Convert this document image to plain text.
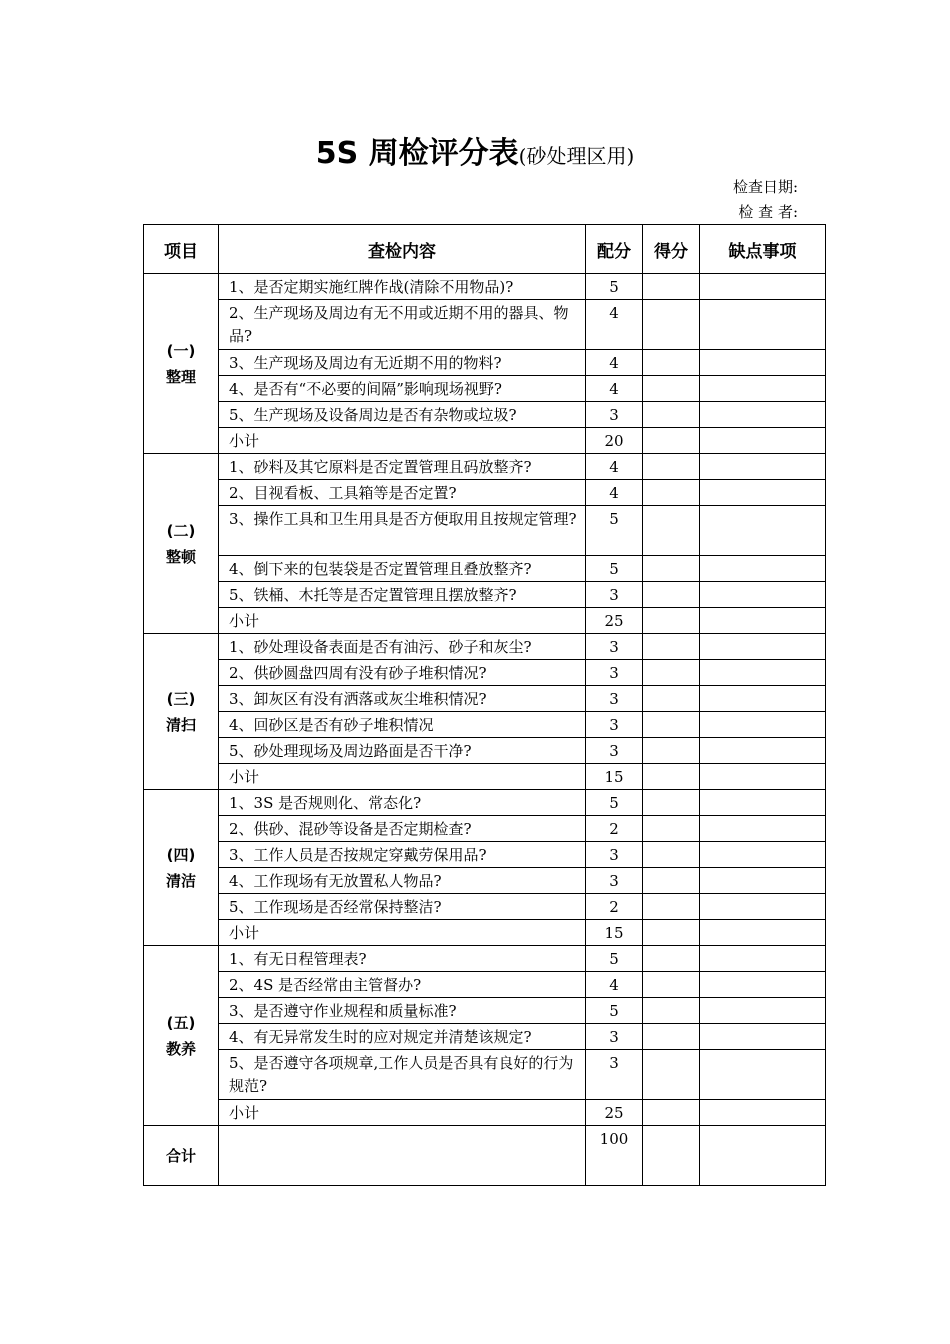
5S 周检评分表(砂处理区用)
检查日期:
检 查 者:
项目	查检内容	配分	得分	缺点事项

(一)
整理	1、是否定期实施红牌作战(清除不用物品)?	5		
	2、生产现场及周边有无不用或近期不用的器具、物品?	4		
	3、生产现场及周边有无近期不用的物料?	4		
	4、是否有“不必要的间隔”影响现场视野?	4		
	5、生产现场及设备周边是否有杂物或垃圾?	3		
	小计	20		

(二)
整顿	1、砂料及其它原料是否定置管理且码放整齐?	4		
	2、目视看板、工具箱等是否定置?	4		
	3、操作工具和卫生用具是否方便取用且按规定管理?	5		
	4、倒下来的包装袋是否定置管理且叠放整齐?	5		
	5、铁桶、木托等是否定置管理且摆放整齐?	3		
	小计	25		

(三)
清扫	1、砂处理设备表面是否有油污、砂子和灰尘?	3		
	2、供砂圆盘四周有没有砂子堆积情况?	3		
	3、卸灰区有没有洒落或灰尘堆积情况?	3		
	4、回砂区是否有砂子堆积情况	3		
	5、砂处理现场及周边路面是否干净?	3		
	小计	15		

(四)
清洁	1、3S 是否规则化、常态化?	5		
	2、供砂、混砂等设备是否定期检查?	2		
	3、工作人员是否按规定穿戴劳保用品?	3		
	4、工作现场有无放置私人物品?	3		
	5、工作现场是否经常保持整洁?	2		
	小计	15		

(五)
教养	1、有无日程管理表?	5		
	2、4S 是否经常由主管督办?	4		
	3、是否遵守作业规程和质量标准?	5		
	4、有无异常发生时的应对规定并清楚该规定?	3		
	5、是否遵守各项规章,工作人员是否具有良好的行为规范?	3		
	小计	25		
合计		100		
